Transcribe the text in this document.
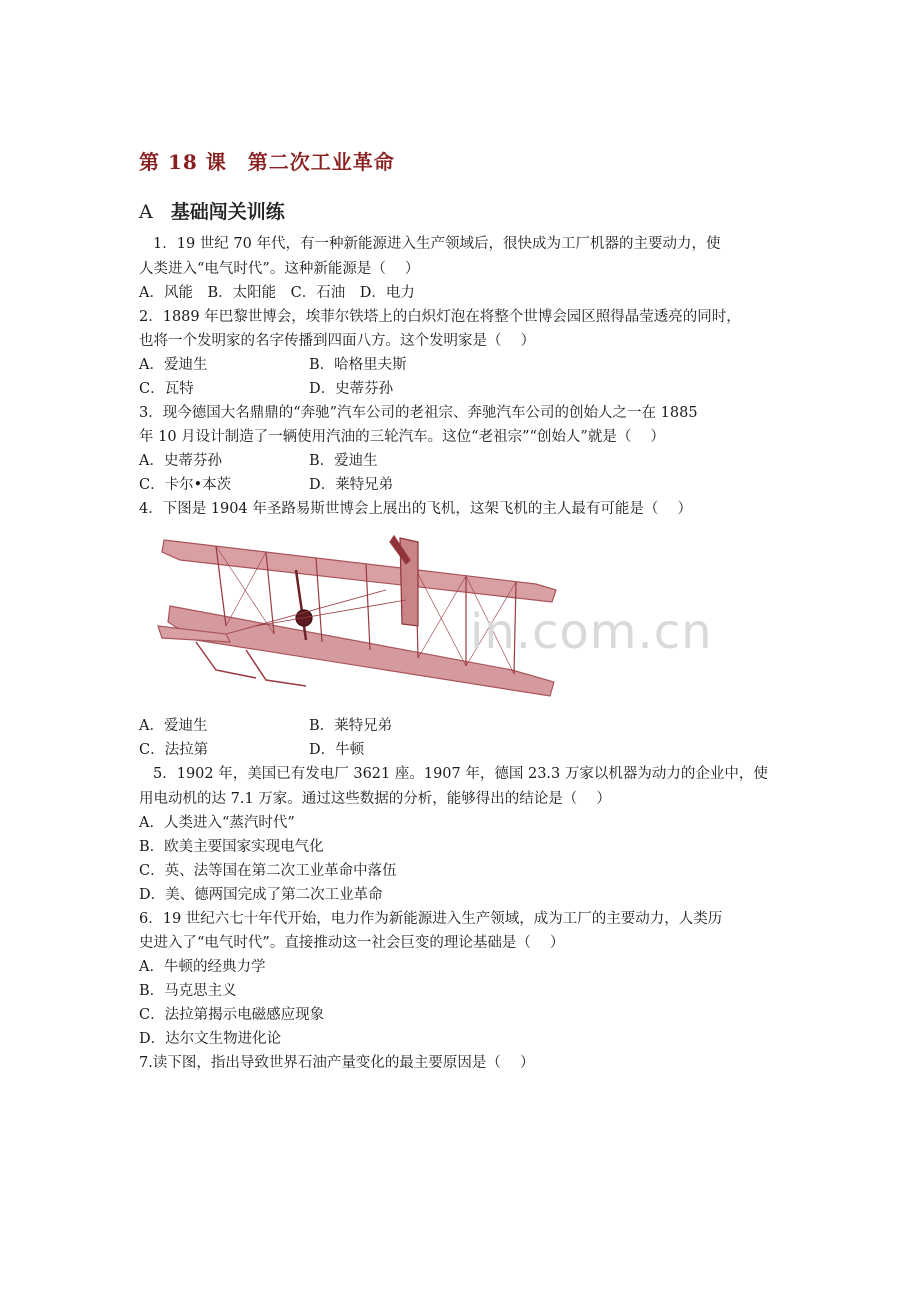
第 18 课　第二次工业革命
A 基础闯关训练
1．19 世纪 70 年代，有一种新能源进入生产领域后，很快成为工厂机器的主要动力，使
人类进入“电气时代”。这种新能源是（　 ）
A．风能　B．太阳能　C．石油　D．电力
2．1889 年巴黎世博会，埃菲尔铁塔上的白炽灯泡在将整个世博会园区照得晶莹透亮的同时，
也将一个发明家的名字传播到四面八方。这个发明家是（　 ）
A．爱迪生	B．哈格里夫斯
C．瓦特	D．史蒂芬孙
3．现今德国大名鼎鼎的“奔驰”汽车公司的老祖宗、奔驰汽车公司的创始人之一在 1885
年 10 月设计制造了一辆使用汽油的三轮汽车。这位“老祖宗”“创始人”就是（　 ）
A．史蒂芬孙	B．爱迪生
C．卡尔•本茨	D．莱特兄弟
4．下图是 1904 年圣路易斯世博会上展出的飞机，这架飞机的主人最有可能是（　 ）
in.com.cn
A．爱迪生	B．莱特兄弟
C．法拉第	D．牛顿
5．1902 年，美国已有发电厂 3621 座。1907 年，德国 23.3 万家以机器为动力的企业中，使
用电动机的达 7.1 万家。通过这些数据的分析，能够得出的结论是（　 ）
A．人类进入“蒸汽时代”
B．欧美主要国家实现电气化
C．英、法等国在第二次工业革命中落伍
D．美、德两国完成了第二次工业革命
6．19 世纪六七十年代开始，电力作为新能源进入生产领域，成为工厂的主要动力，人类历
史进入了“电气时代”。直接推动这一社会巨变的理论基础是（　 ）
A．牛顿的经典力学
B．马克思主义
C．法拉第揭示电磁感应现象
D．达尔文生物进化论
7.读下图，指出导致世界石油产量变化的最主要原因是（　 ）
